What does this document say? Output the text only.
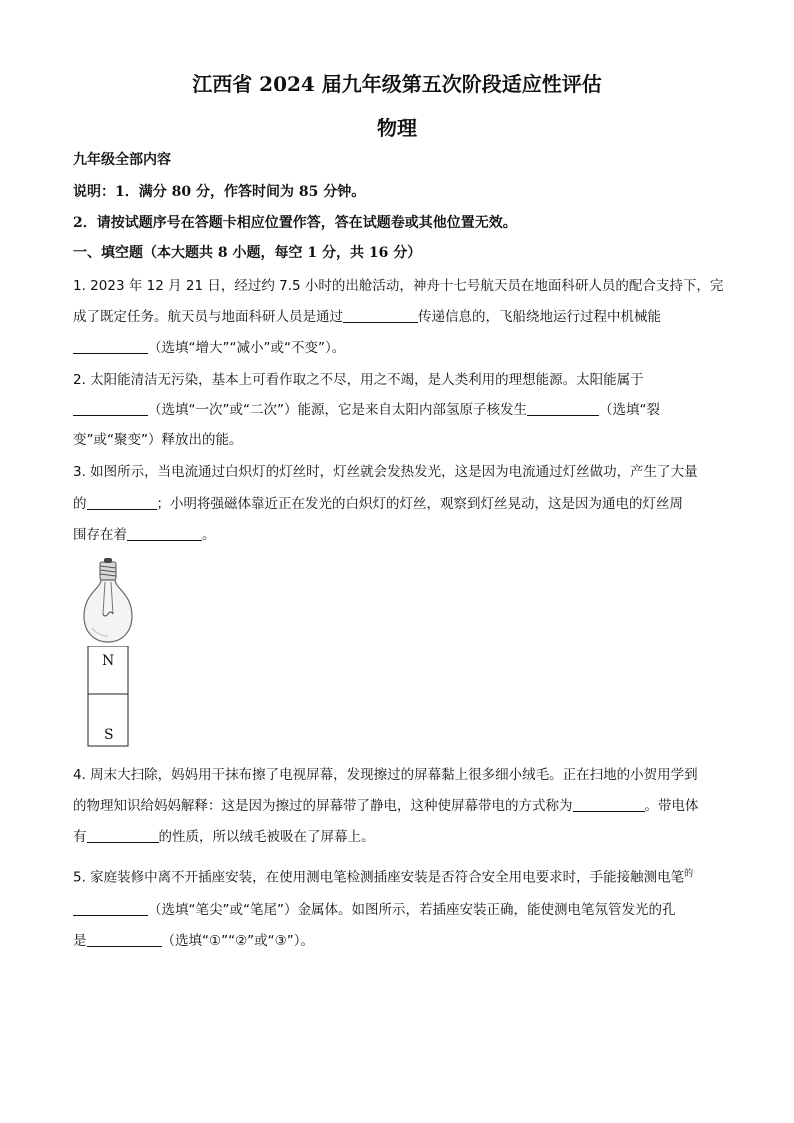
江西省 2024 届九年级第五次阶段适应性评估
物理
九年级全部内容
说明：1．满分 80 分，作答时间为 85 分钟。
2．请按试题序号在答题卡相应位置作答，答在试题卷或其他位置无效。
一、填空题（本大题共 8 小题，每空 1 分，共 16 分）
1. 2023 年 12 月 21 日，经过约 7.5 小时的出舱活动，神舟十七号航天员在地面科研人员的配合支持下，完
成了既定任务。航天员与地面科研人员是通过	传递信息的，飞船绕地运行过程中机械能
（选填“增大”“减小”或“不变”）。
2. 太阳能清洁无污染，基本上可看作取之不尽，用之不竭，是人类利用的理想能源。太阳能属于
（选填“一次”或“二次”）能源，它是来自太阳内部氢原子核发生	（选填“裂
变”或“聚变”）释放出的能。
3. 如图所示，当电流通过白炽灯的灯丝时，灯丝就会发热发光，这是因为电流通过灯丝做功，产生了大量
的	；小明将强磁体靠近正在发光的白炽灯的灯丝，观察到灯丝晃动，这是因为通电的灯丝周
围存在着	。
N
S
4. 周末大扫除，妈妈用干抹布擦了电视屏幕，发现擦过的屏幕黏上很多细小绒毛。正在扫地的小贺用学到
的物理知识给妈妈解释：这是因为擦过的屏幕带了静电，这种使屏幕带电的方式称为	。带电体
有	的性质，所以绒毛被吸在了屏幕上。
5. 家庭装修中离不开插座安装，在使用测电笔检测插座安装是否符合安全用电要求时，手能接触测电笔$^的$
（选填“笔尖”或“笔尾”）金属体。如图所示，若插座安装正确，能使测电笔氖管发光的孔
是	（选填“①”“②”或“③”）。
